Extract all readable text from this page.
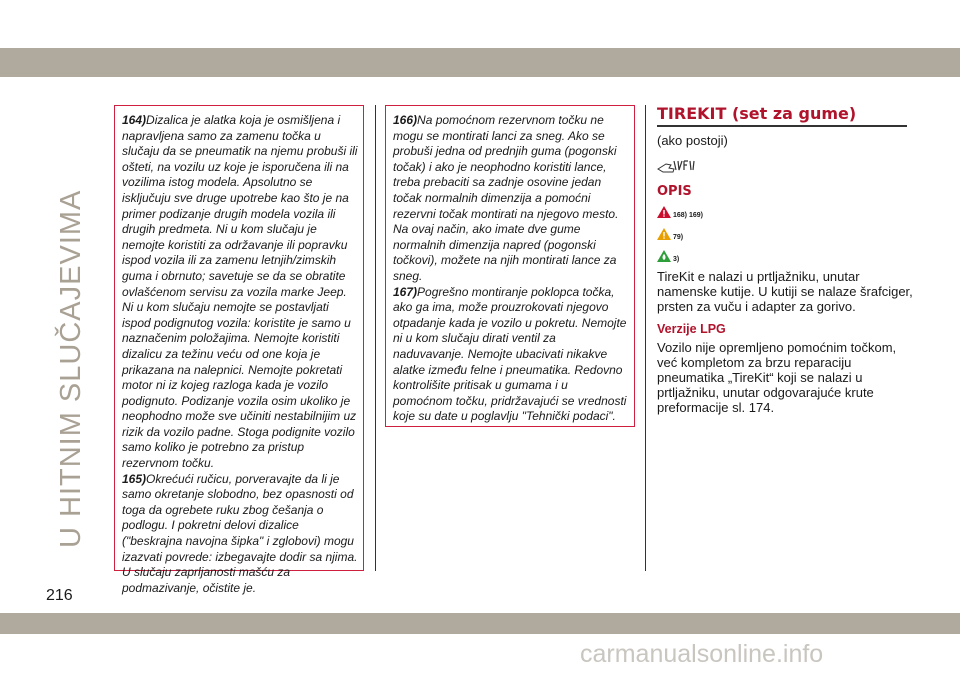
U HITNIM SLUČAJEVIMA

164)Dizalica je alatka koja je osmišljena i napravljena samo za zamenu točka u slučaju da se pneumatik na njemu probuši ili ošteti, na vozilu uz koje je isporučena ili na vozilima istog modela. Apsolutno se isključuju sve druge upotrebe kao što je na primer podizanje drugih modela vozila ili drugih predmeta. Ni u kom slučaju je nemojte koristiti za održavanje ili popravku ispod vozila ili za zamenu letnjih/zimskih guma i obrnuto; savetuje se da se obratite ovlašćenom servisu za vozila marke Jeep. Ni u kom slučaju nemojte se postavljati ispod podignutog vozila: koristite je samo u naznačenim položajima. Nemojte koristiti dizalicu za težinu veću od one koja je prikazana na nalepnici. Nemojte pokretati motor ni iz kojeg razloga kada je vozilo podignuto. Podizanje vozila osim ukoliko je neophodno može sve učiniti nestabilnijim uz rizik da vozilo padne. Stoga podignite vozilo samo koliko je potrebno za pristup rezervnom točku.

165)Okrećući ručicu, porveravajte da li je samo okretanje slobodno, bez opasnosti od toga da ogrebete ruku zbog češanja o podlogu. I pokretni delovi dizalice ("beskrajna navojna šipka" i zglobovi) mogu izazvati povrede: izbegavajte dodir sa njima. U slučaju zaprljanosti mašću za podmazivanje, očistite je.

166)Na pomoćnom rezervnom točku ne mogu se montirati lanci za sneg. Ako se probuši jedna od prednjih guma (pogonski točak) i ako je neophodno koristiti lance, treba prebaciti sa zadnje osovine jedan točak normalnih dimenzija a pomoćni rezervni točak montirati na njegovo mesto. Na ovaj način, ako imate dve gume normalnih dimenzija napred (pogonski točkovi), možete na njih montirati lance za sneg.

167)Pogrešno montiranje poklopca točka, ako ga ima, može prouzrokovati njegovo otpadanje kada je vozilo u pokretu. Nemojte ni u kom slučaju dirati ventil za naduvavanje. Nemojte ubacivati nikakve alatke između felne i pneumatika. Redovno kontrolišite pritisak u gumama i u pomoćnom točku, pridržavajući se vrednosti koje su date u poglavlju "Tehnički podaci".

TIREKIT (set za gume)
(ako postoji)
OPIS
168) 169)
79)
3)
TireKit e nalazi u prtljažniku, unutar namenske kutije. U kutiji se nalaze šrafciger, prsten za vuču i adapter za gorivo.
Verzije LPG
Vozilo nije opremljeno pomoćnim točkom, već kompletom za brzu reparaciju pneumatika „TireKit“ koji se nalazi u prtljažniku, unutar odgovarajuće krute preformacije sl. 174.
216
carmanualsonline.info
